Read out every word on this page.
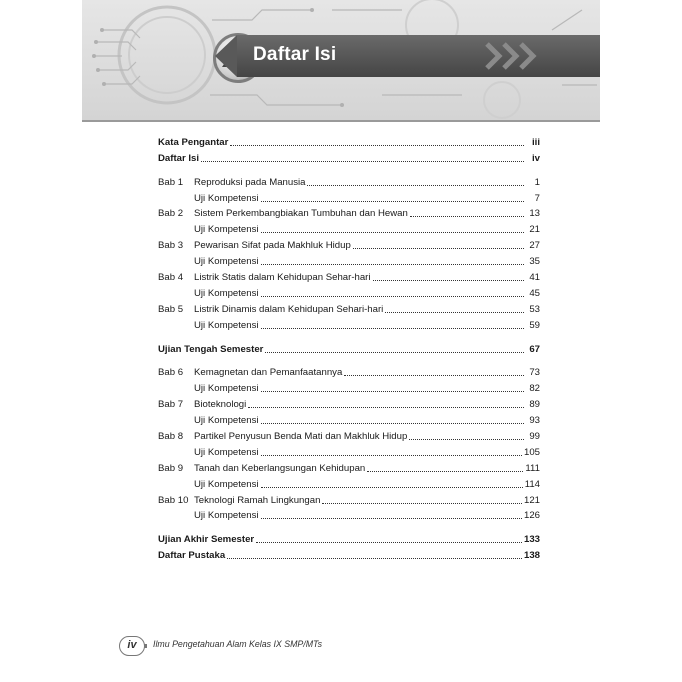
Daftar Isi
Kata Pengantar	iii
Daftar Isi	iv
Bab 1	Reproduksi pada Manusia	1
Uji Kompetensi	7
Bab 2	Sistem Perkembangbiakan Tumbuhan dan Hewan	13
Uji Kompetensi	21
Bab 3	Pewarisan Sifat pada Makhluk Hidup	27
Uji Kompetensi	35
Bab 4	Listrik Statis dalam Kehidupan Sehar-hari	41
Uji Kompetensi	45
Bab 5	Listrik Dinamis dalam Kehidupan Sehari-hari	53
Uji Kompetensi	59
Ujian Tengah Semester	67
Bab 6	Kemagnetan dan Pemanfaatannya	73
Uji Kompetensi	82
Bab 7	Bioteknologi	89
Uji Kompetensi	93
Bab 8	Partikel Penyusun Benda Mati dan Makhluk Hidup	99
Uji Kompetensi	105
Bab 9	Tanah dan Keberlangsungan Kehidupan	111
Uji Kompetensi	114
Bab 10 Teknologi Ramah Lingkungan	121
Uji Kompetensi	126
Ujian Akhir Semester	133
Daftar Pustaka	138
iv	Ilmu Pengetahuan Alam Kelas IX SMP/MTs
